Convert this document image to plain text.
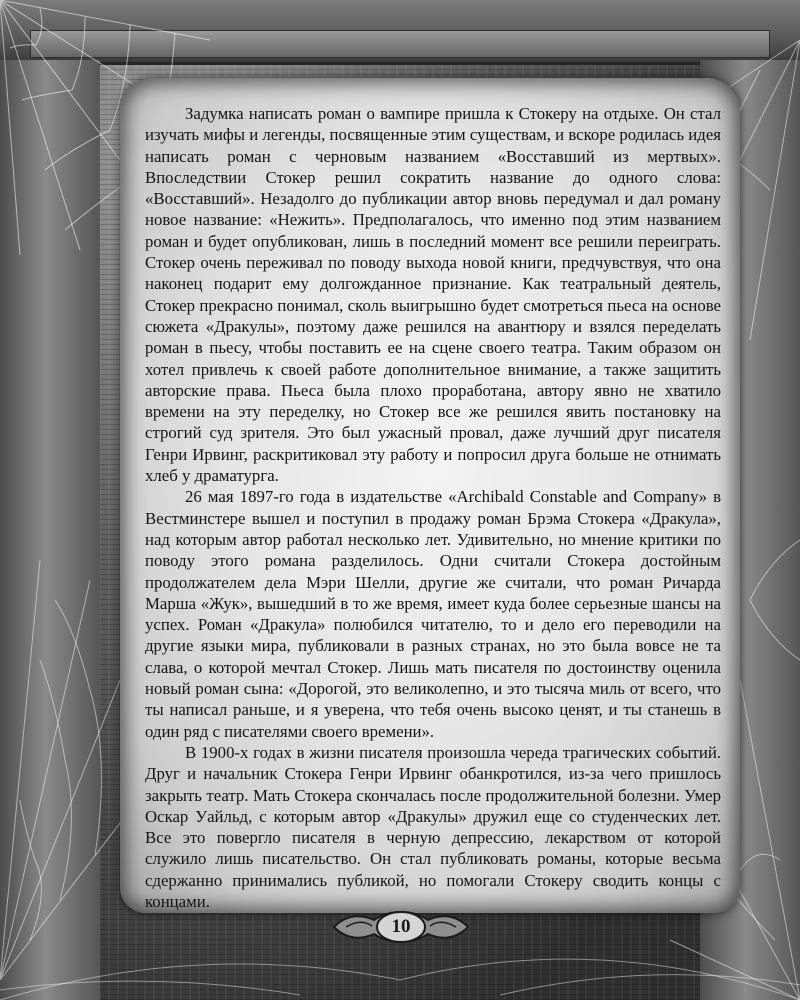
Задумка написать роман о вампире пришла к Стокеру на отдыхе. Он стал изучать мифы и легенды, посвященные этим существам, и вскоре родилась идея написать роман с черновым названием «Восставший из мертвых». Впоследствии Стокер решил сократить название до одного слова: «Восставший». Незадолго до публикации автор вновь передумал и дал роману новое название: «Нежить». Предполагалось, что именно под этим названием роман и будет опубликован, лишь в последний момент все решили переиграть. Стокер очень переживал по поводу выхода новой книги, предчувствуя, что она наконец подарит ему долгожданное признание. Как театральный деятель, Стокер прекрасно понимал, сколь выигрышно будет смотреться пьеса на основе сюжета «Дракулы», поэтому даже решился на авантюру и взялся переделать роман в пьесу, чтобы поставить ее на сцене своего театра. Таким образом он хотел привлечь к своей работе дополнительное внимание, а также защитить авторские права. Пьеса была плохо проработана, автору явно не хватило времени на эту переделку, но Стокер все же решился явить постановку на строгий суд зрителя. Это был ужасный провал, даже лучший друг писателя Генри Ирвинг, раскритиковал эту работу и попросил друга больше не отнимать хлеб у драматурга.

26 мая 1897-го года в издательстве «Archibald Constable and Company» в Вестминстере вышел и поступил в продажу роман Брэма Стокера «Дракула», над которым автор работал несколько лет. Удивительно, но мнение критики по поводу этого романа разделилось. Одни считали Стокера достойным продолжателем дела Мэри Шелли, другие же считали, что роман Ричарда Марша «Жук», вышедший в то же время, имеет куда более серьезные шансы на успех. Роман «Дракула» полюбился читателю, то и дело его переводили на другие языки мира, публиковали в разных странах, но это была вовсе не та слава, о которой мечтал Стокер. Лишь мать писателя по достоинству оценила новый роман сына: «Дорогой, это великолепно, и это тысяча миль от всего, что ты написал раньше, и я уверена, что тебя очень высоко ценят, и ты станешь в один ряд с писателями своего времени».

В 1900-х годах в жизни писателя произошла череда трагических событий. Друг и начальник Стокера Генри Ирвинг обанкротился, из-за чего пришлось закрыть театр. Мать Стокера скончалась после продолжительной болезни. Умер Оскар Уайльд, с которым автор «Дракулы» дружил еще со студенческих лет. Все это повергло писателя в черную депрессию, лекарством от которой служило лишь писательство. Он стал публиковать романы, которые весьма сдержанно принимались публикой, но помогали Стокеру сводить концы с концами.

10
